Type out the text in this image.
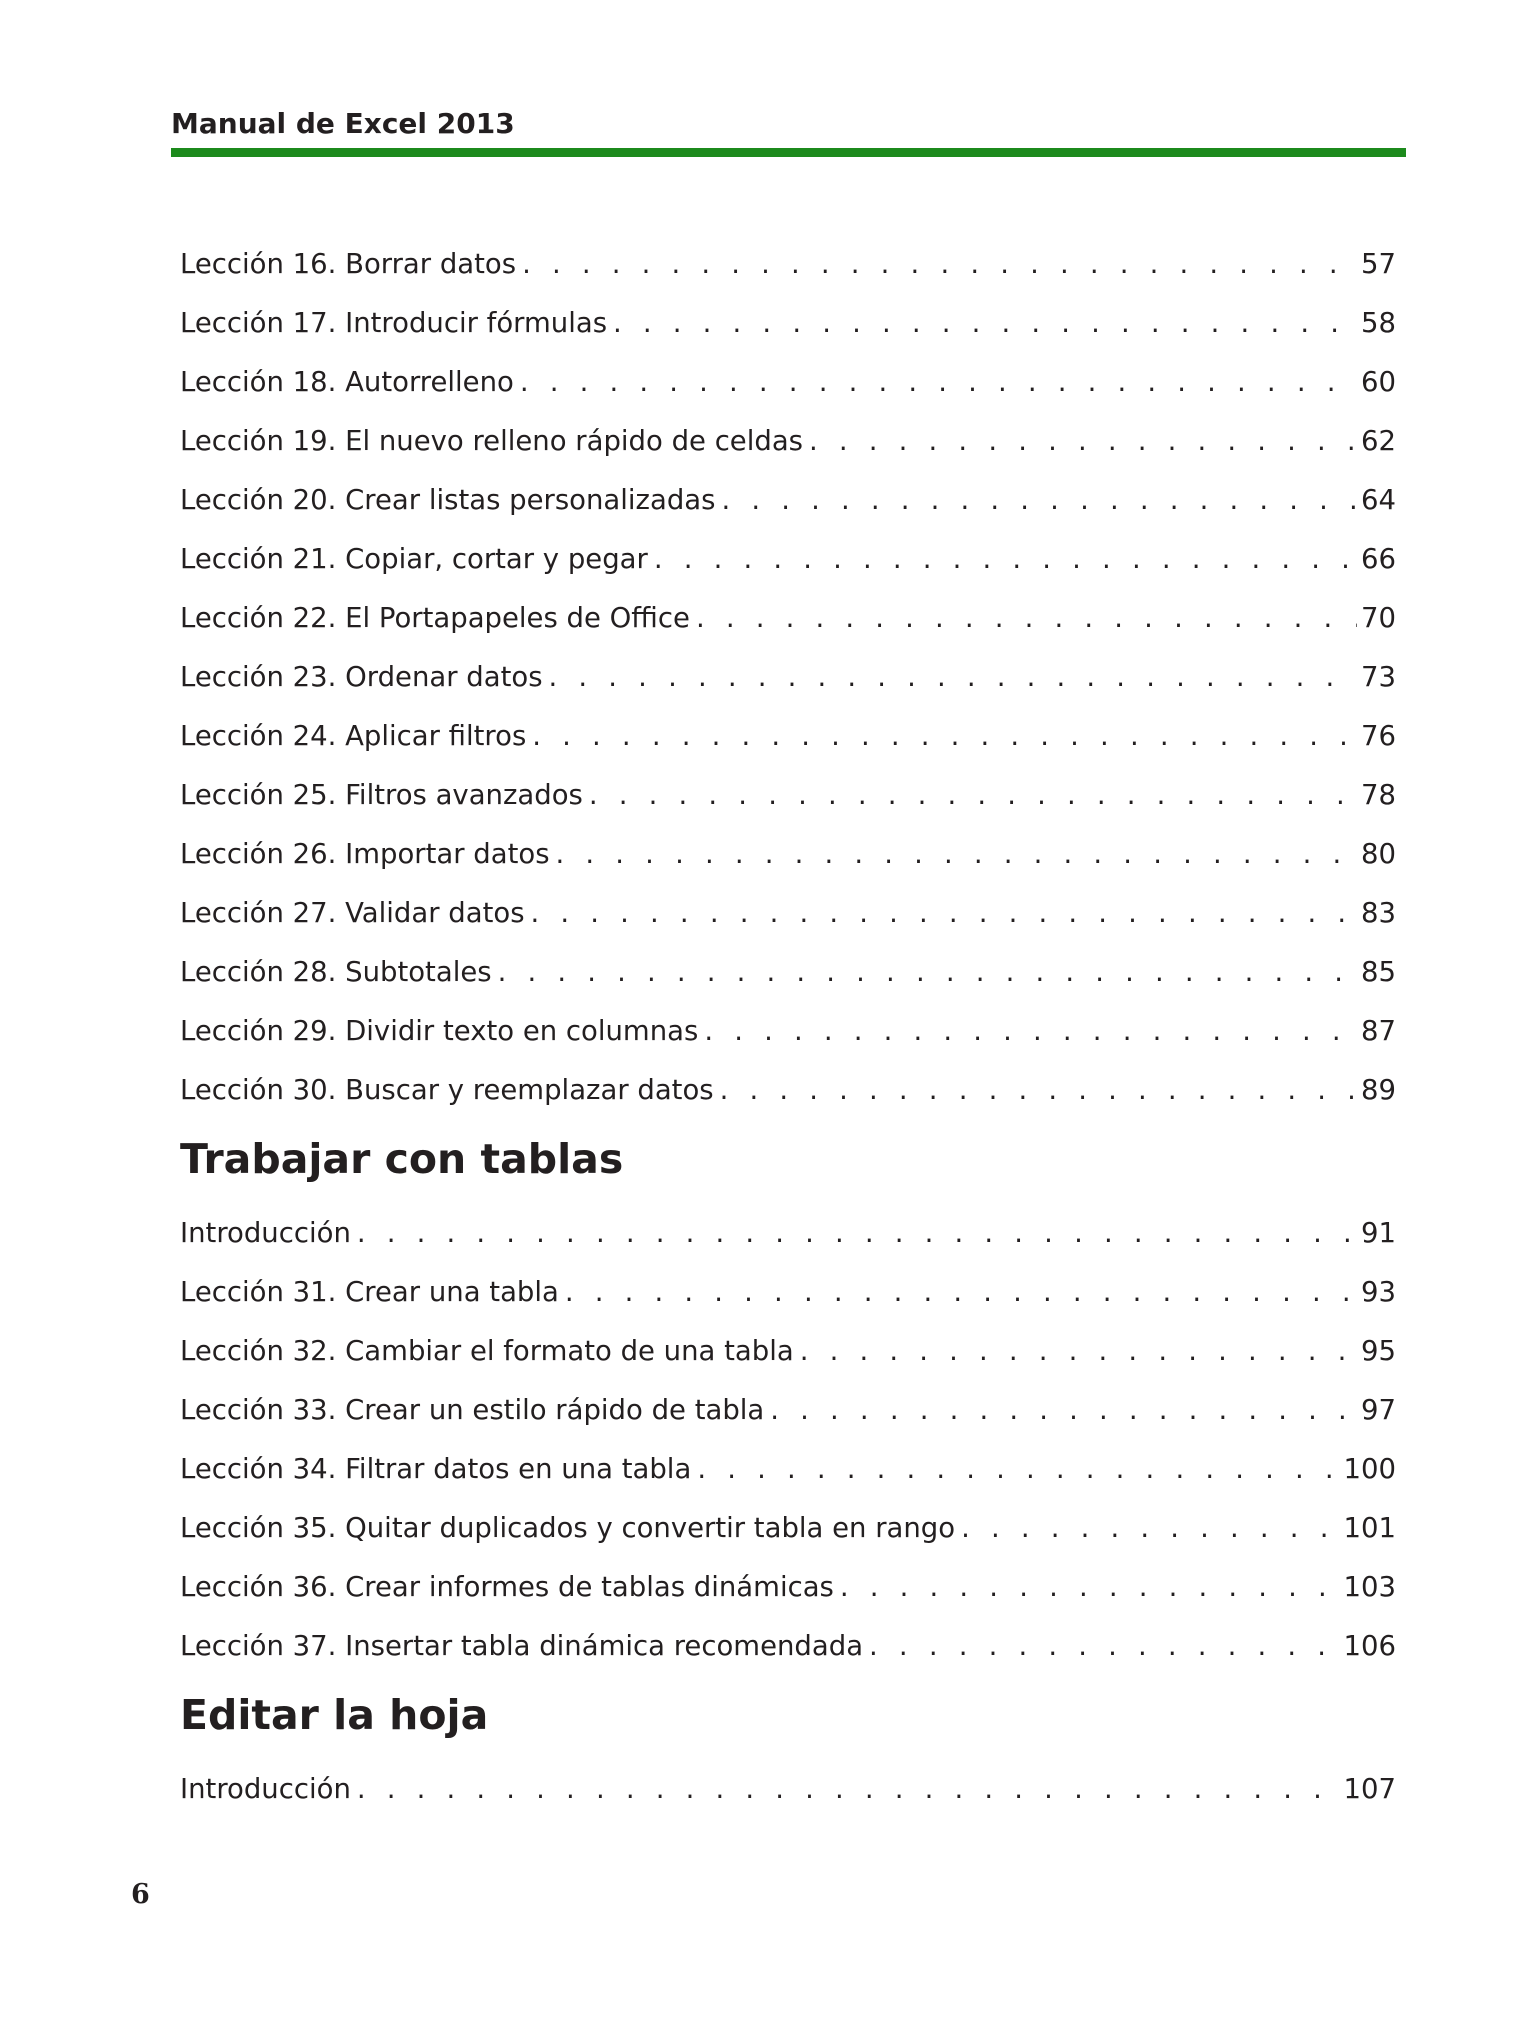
Manual de Excel 2013
Lección 16. Borrar datos . . .	57
Lección 17. Introducir fórmulas . . .	58
Lección 18. Autorrelleno . . .	60
Lección 19. El nuevo relleno rápido de celdas . . .	62
Lección 20. Crear listas personalizadas . . .	64
Lección 21. Copiar, cortar y pegar . . .	66
Lección 22. El Portapapeles de Office . . .	70
Lección 23. Ordenar datos . . .	73
Lección 24. Aplicar filtros . . .	76
Lección 25. Filtros avanzados . . .	78
Lección 26. Importar datos . . .	80
Lección 27. Validar datos . . .	83
Lección 28. Subtotales . . .	85
Lección 29. Dividir texto en columnas . . .	87
Lección 30. Buscar y reemplazar datos . . .	89
Trabajar con tablas
Introducción . . .	91
Lección 31. Crear una tabla . . .	93
Lección 32. Cambiar el formato de una tabla . . .	95
Lección 33. Crear un estilo rápido de tabla . . .	97
Lección 34. Filtrar datos en una tabla . . .	100
Lección 35. Quitar duplicados y convertir tabla en rango . . .	101
Lección 36. Crear informes de tablas dinámicas . . .	103
Lección 37. Insertar tabla dinámica recomendada . . .	106
Editar la hoja
Introducción . . .	107
6
